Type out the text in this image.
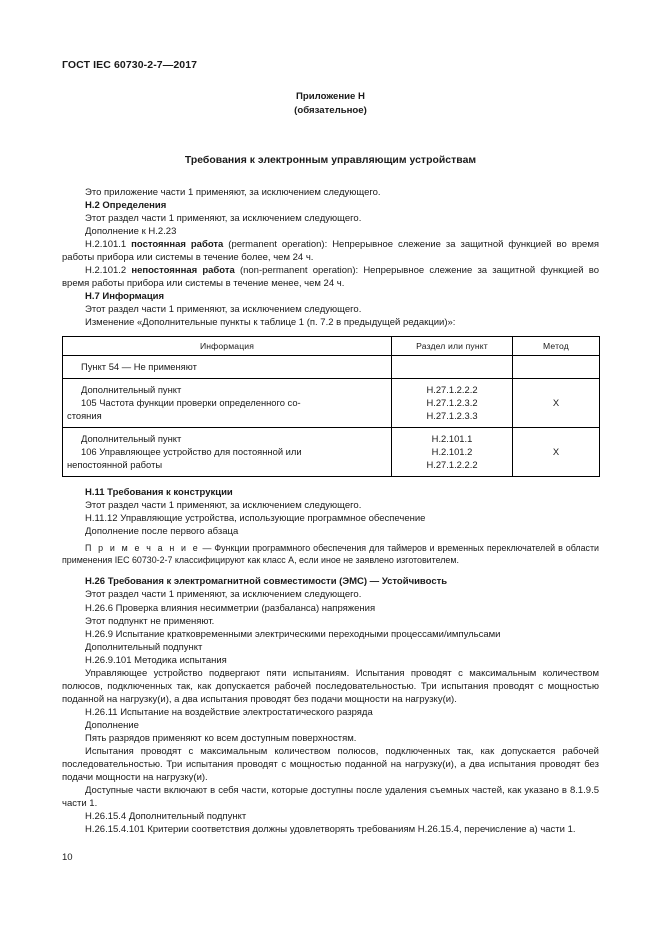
ГОСТ IEC 60730-2-7—2017
Приложение Н
(обязательное)
Требования к электронным управляющим устройствам

Это приложение части 1 применяют, за исключением следующего.

Н.2 Определения

Этот раздел части 1 применяют, за исключением следующего.

Дополнение к Н.2.23

Н.2.101.1 постоянная работа (permanent operation): Непрерывное слежение за защитной функцией во время работы прибора или системы в течение более, чем 24 ч.

Н.2.101.2 непостоянная работа (non-permanent operation): Непрерывное слежение за защитной функцией во время работы прибора или системы в течение менее, чем 24 ч.

Н.7 Информация

Этот раздел части 1 применяют, за исключением следующего.

Изменение «Дополнительные пункты к таблице 1 (п. 7.2 в предыдущей редакции)»:

Информация	Раздел или пункт	Метод

Пункт 54 — Не применяют		

Дополнительный пункт
105 Частота функции проверки определенного со-
стояния	Н.27.1.2.2.2
Н.27.1.2.3.2
Н.27.1.2.3.3	X

Дополнительный пункт
106 Управляющее устройство для постоянной или
непостоянной работы	Н.2.101.1
Н.2.101.2
Н.27.1.2.2.2	X

Н.11 Требования к конструкции

Этот раздел части 1 применяют, за исключением следующего.

Н.11.12 Управляющие устройства, использующие программное обеспечение

Дополнение после первого абзаца

П р и м е ч а н и е — Функции программного обеспечения для таймеров и временных переключателей в области применения IEC 60730-2-7 классифицируют как класс А, если иное не заявлено изготовителем.

Н.26 Требования к электромагнитной совместимости (ЭМС) — Устойчивость

Этот раздел части 1 применяют, за исключением следующего.

Н.26.6 Проверка влияния несимметрии (разбаланса) напряжения

Этот подпункт не применяют.

Н.26.9 Испытание кратковременными электрическими переходными процессами/импульсами

Дополнительный подпункт

Н.26.9.101 Методика испытания

Управляющее устройство подвергают пяти испытаниям. Испытания проводят с максимальным количеством полюсов, подключенных так, как допускается рабочей последовательностью. Три испытания проводят с мощностью поданной на нагрузку(и), а два испытания проводят без подачи мощности на нагрузку(и).

Н.26.11 Испытание на воздействие электростатического разряда

Дополнение

Пять разрядов применяют ко всем доступным поверхностям.

Испытания проводят с максимальным количеством полюсов, подключенных так, как допускается рабочей последовательностью. Три испытания проводят с мощностью поданной на нагрузку(и), а два испытания проводят без подачи мощности на нагрузку(и).

Доступные части включают в себя части, которые доступны после удаления съемных частей, как указано в 8.1.9.5 части 1.

Н.26.15.4 Дополнительный подпункт

Н.26.15.4.101 Критерии соответствия должны удовлетворять требованиям Н.26.15.4, перечисление а) части 1.

10
